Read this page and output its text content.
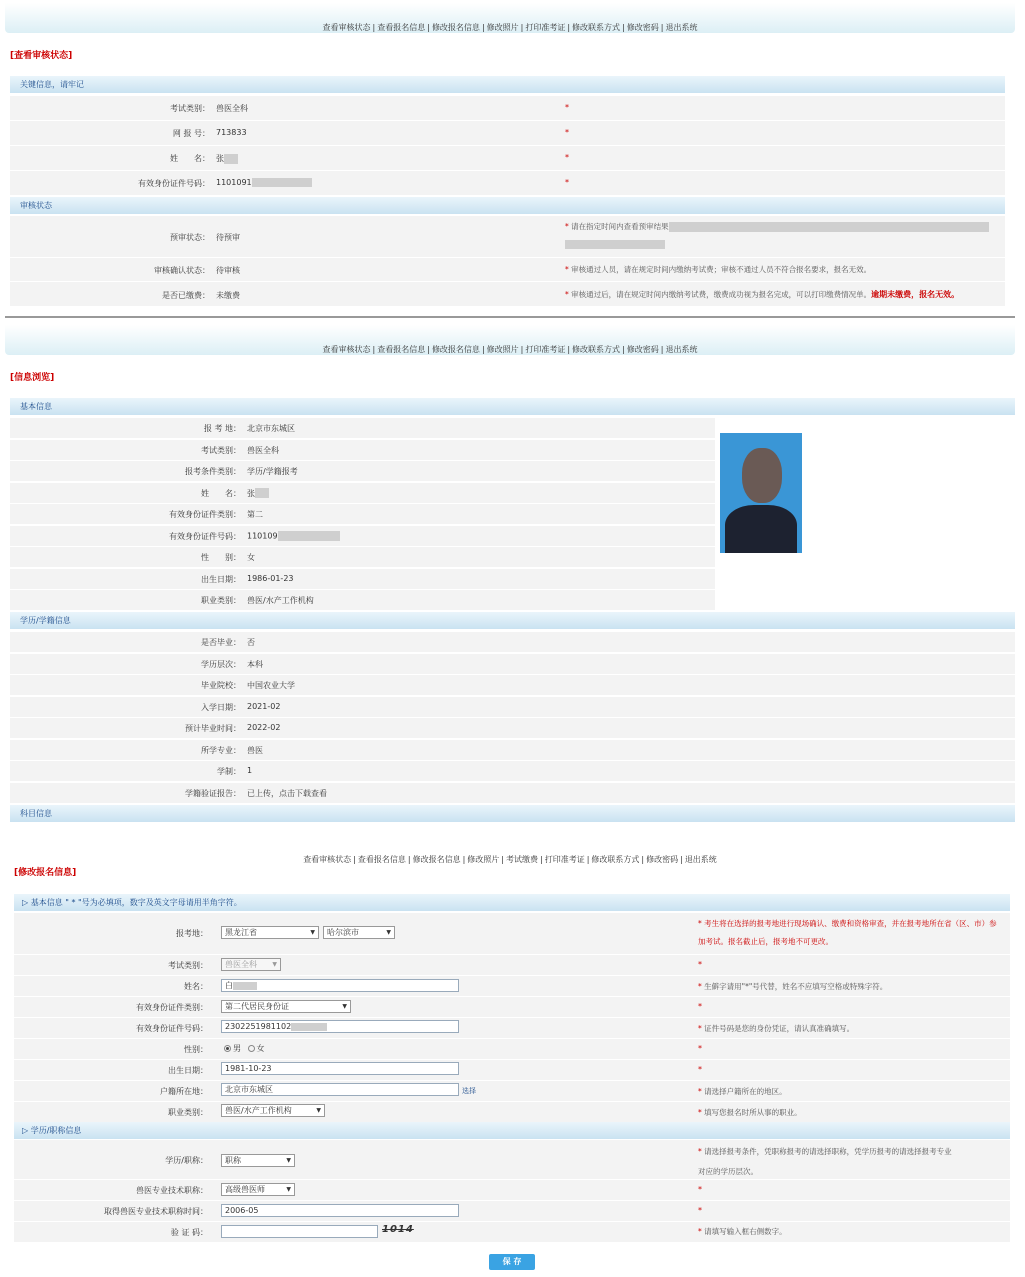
查看审核状态 | 查看报名信息 | 修改报名信息 | 修改照片 | 打印准考证 | 修改联系方式 | 修改密码 | 退出系统
[查看审核状态]
关键信息，请牢记
考试类别： 兽医全科	*
网 报 号： 713833	*
姓　　名： 张	*
有效身份证件号码： 1101091	*
审核状态
预审状态： 待预审
* 请在指定时间内查看预审结果
审核确认状态： 待审核	* 审核通过人员，请在规定时间内缴纳考试费；审核不通过人员不符合报名要求，报名无效。
是否已缴费： 未缴费	* 审核通过后，请在规定时间内缴纳考试费，缴费成功视为报名完成，可以打印缴费情况单。逾期未缴费，报名无效。
查看审核状态 | 查看报名信息 | 修改报名信息 | 修改照片 | 打印准考证 | 修改联系方式 | 修改密码 | 退出系统
[信息浏览]
基本信息
报 考 地： 北京市东城区
考试类别： 兽医全科
报考条件类别： 学历/学籍报考
姓　　名： 张
有效身份证件类别： 第二
有效身份证件号码： 110109
性　　别： 女
出生日期： 1986-01-23
职业类别： 兽医/水产工作机构
学历/学籍信息
是否毕业： 否
学历层次： 本科
毕业院校： 中国农业大学
入学日期： 2021-02
预计毕业时间： 2022-02
所学专业： 兽医
学制： 1
学籍验证报告： 已上传，点击下载查看
科目信息
查看审核状态 | 查看报名信息 | 修改报名信息 | 修改照片 | 考试缴费 | 打印准考证 | 修改联系方式 | 修改密码 | 退出系统
[修改报名信息]
▷ 基本信息 " * "号为必填项，数字及英文字母请用半角字符。
报考地：	黑龙江省	▼	哈尔滨市	▼
* 考生将在选择的报考地进行现场确认、缴费和资格审查，并在报考地所在省（区、市）参加考试。报名截止后，报考地不可更改。
考试类别：	兽医全科	▼	*
姓名：	白	* 生僻字请用"*"号代替，姓名不应填写空格或特殊字符。
有效身份证件类别：	第二代居民身份证	▼	*
有效身份证件号码：	2302251981102	* 证件号码是您的身份凭证，请认真准确填写。
性别：	男 女	*
出生日期：	1981-10-23	*
户籍所在地：	北京市东城区	选择	* 请选择户籍所在的地区。
职业类别：	兽医/水产工作机构	▼	* 填写您报名时所从事的职业。
▷ 学历/职称信息
学历/职称：	职称	▼
* 请选择报考条件，凭职称报考的请选择职称，凭学历报考的请选择报考专业
对应的学历层次。
兽医专业技术职称：	高级兽医师	▼	*
取得兽医专业技术职称时间：	2006-05	*
验 证 码：	1014	* 请填写输入框右侧数字。
保 存
